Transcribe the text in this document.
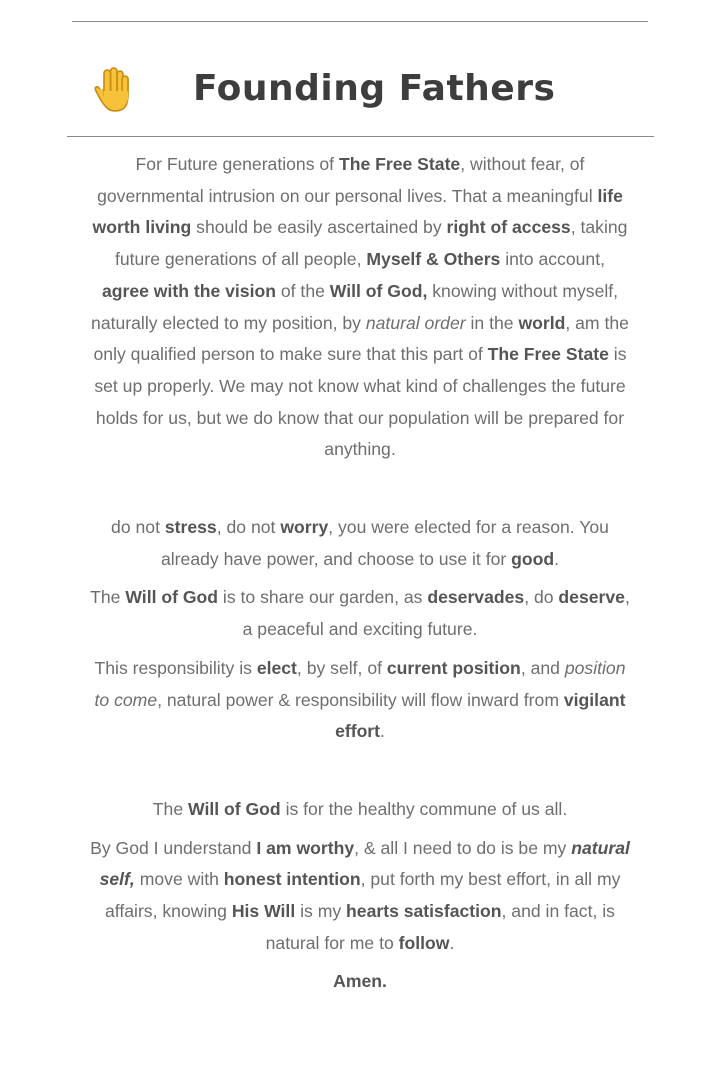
Founding Fathers

For Future generations of The Free State, without fear, of governmental intrusion on our personal lives. That a meaningful life worth living should be easily ascertained by right of access, taking future generations of all people, Myself & Others into account, agree with the vision of the Will of God, knowing without myself, naturally elected to my position, by natural order in the world, am the only qualified person to make sure that this part of The Free State is set up properly. We may not know what kind of challenges the future holds for us, but we do know that our population will be prepared for anything.

do not stress, do not worry, you were elected for a reason. You already have power, and choose to use it for good.

The Will of God is to share our garden, as deservades, do deserve, a peaceful and exciting future.

This responsibility is elect, by self, of current position, and position to come, natural power & responsibility will flow inward from vigilant effort.

The Will of God is for the healthy commune of us all.

By God I understand I am worthy, & all I need to do is be my natural self, move with honest intention, put forth my best effort, in all my affairs, knowing His Will is my hearts satisfaction, and in fact, is natural for me to follow.

Amen.
